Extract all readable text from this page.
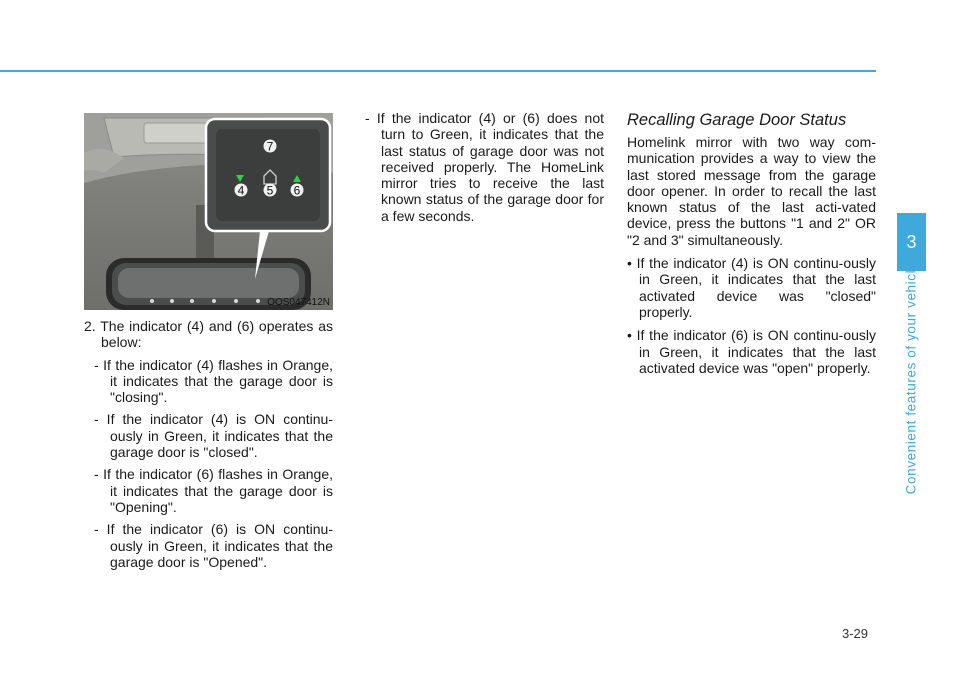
7
4 5 6
OOS047412N

2. The indicator (4) and (6) operates as below:

- If the indicator (4) flashes in Orange, it indicates that the garage door is "closing".

- If the indicator (4) is ON continu-ously in Green, it indicates that the garage door is "closed".

- If the indicator (6) flashes in Orange, it indicates that the garage door is "Opening".

- If the indicator (6) is ON continu-ously in Green, it indicates that the garage door is "Opened".

- If the indicator (4) or (6) does not turn to Green, it indicates that the last status of garage door was not received properly. The HomeLink mirror tries to receive the last known status of the garage door for a few seconds.

Recalling Garage Door Status

Homelink mirror with two way com-munication provides a way to view the last stored message from the garage door opener. In order to recall the last known status of the last acti-vated device, press the buttons "1 and 2" OR "2 and 3" simultaneously.

• If the indicator (4) is ON continu-ously in Green, it indicates that the last activated device was "closed" properly.

• If the indicator (6) is ON continu-ously in Green, it indicates that the last activated device was "open" properly.

3
Convenient features of your vehicle
3-29
